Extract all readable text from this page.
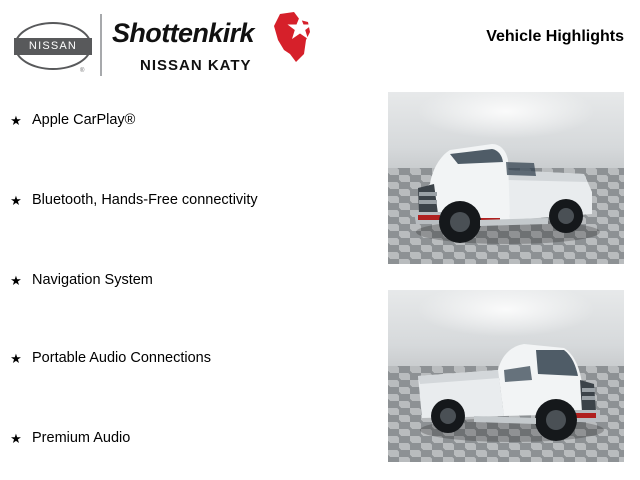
NISSAN
®
Shottenkirk
NISSAN KATY
Vehicle Highlights
★ Apple CarPlay®
★ Bluetooth, Hands-Free connectivity
★ Navigation System
★ Portable Audio Connections
★ Premium Audio
